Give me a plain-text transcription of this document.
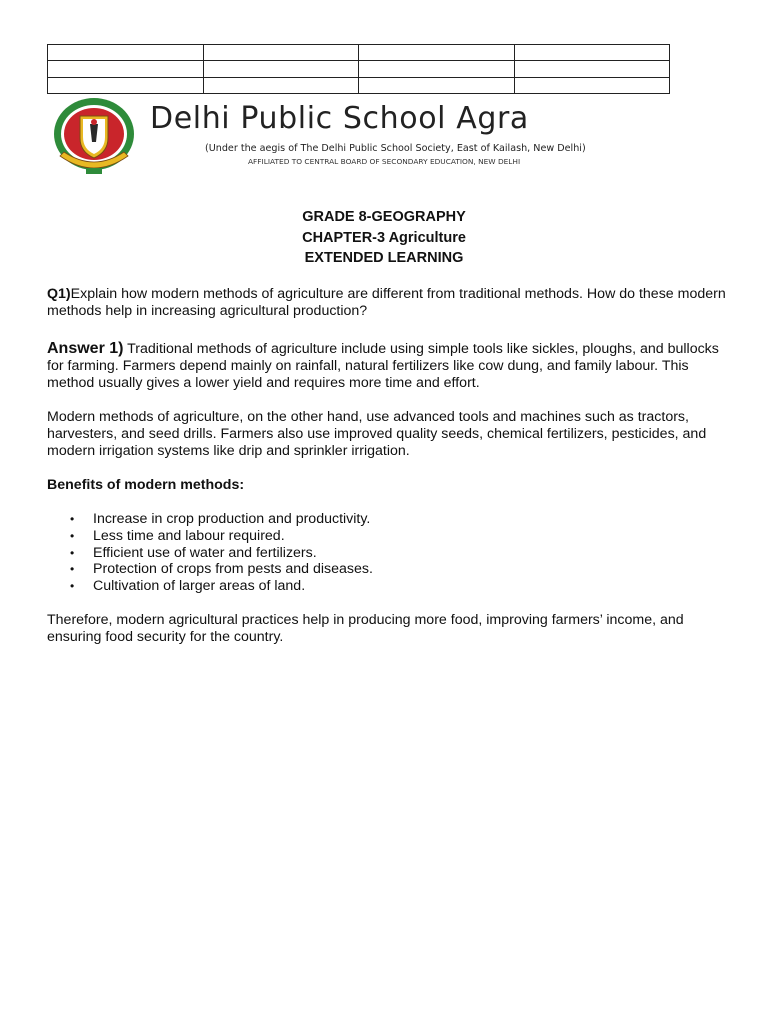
Delhi Public School Agra
(Under the aegis of The Delhi Public School Society, East of Kailash, New Delhi)
AFFILIATED TO CENTRAL BOARD OF SECONDARY EDUCATION, NEW DELHI
GRADE 8-GEOGRAPHY
CHAPTER-3 Agriculture
EXTENDED LEARNING

Q1)Explain how modern methods of agriculture are different from traditional methods. How do these modern methods help in increasing agricultural production?

Answer 1) Traditional methods of agriculture include using simple tools like sickles, ploughs, and bullocks for farming. Farmers depend mainly on rainfall, natural fertilizers like cow dung, and family labour. This method usually gives a lower yield and requires more time and effort.

Modern methods of agriculture, on the other hand, use advanced tools and machines such as tractors, harvesters, and seed drills. Farmers also use improved quality seeds, chemical fertilizers, pesticides, and modern irrigation systems like drip and sprinkler irrigation.

Benefits of modern methods:

• Increase in crop production and productivity.
• Less time and labour required.
• Efficient use of water and fertilizers.
• Protection of crops from pests and diseases.
• Cultivation of larger areas of land.

Therefore, modern agricultural practices help in producing more food, improving farmers’ income, and ensuring food security for the country.
